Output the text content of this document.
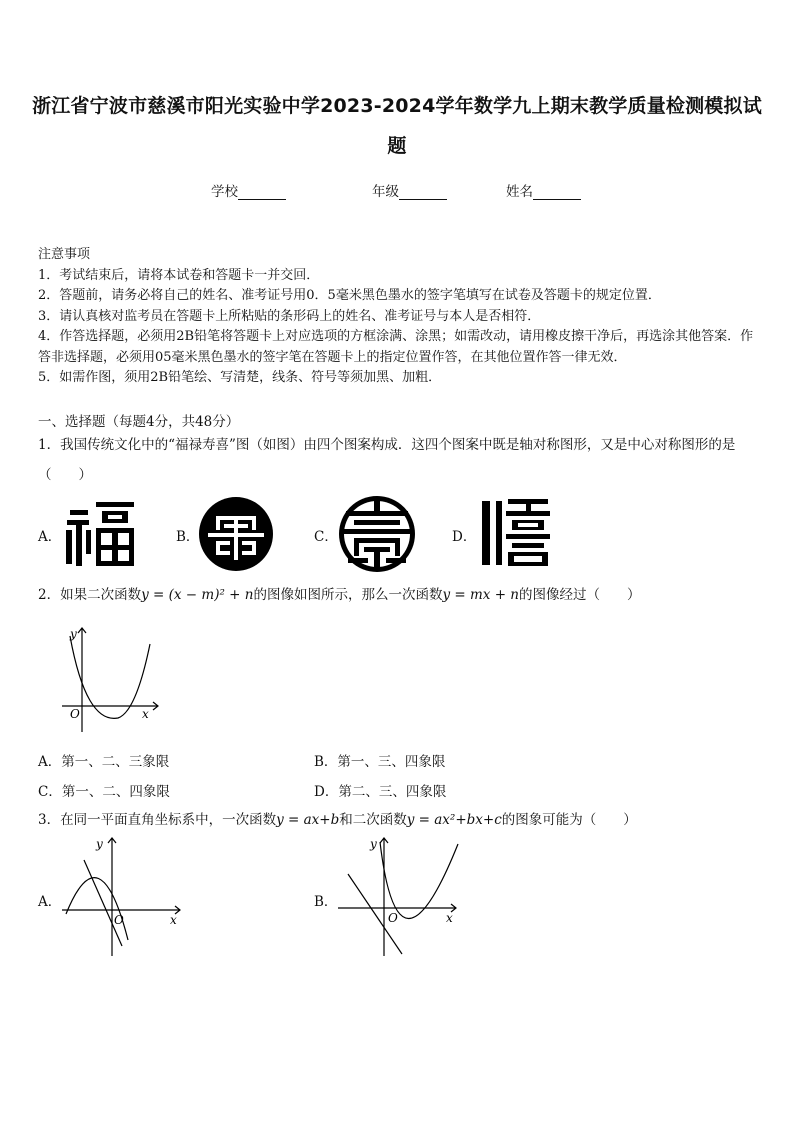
浙江省宁波市慈溪市阳光实验中学2023-2024学年数学九上期末教学质量检测模拟试题
学校	年级	姓名

注意事项

1．考试结束后，请将本试卷和答题卡一并交回．

2．答题前，请务必将自己的姓名、准考证号用0．5毫米黑色墨水的签字笔填写在试卷及答题卡的规定位置．

3．请认真核对监考员在答题卡上所粘贴的条形码上的姓名、准考证号与本人是否相符．

4．作答选择题，必须用2B铅笔将答题卡上对应选项的方框涂满、涂黑；如需改动，请用橡皮擦干净后，再选涂其他答案．作答非选择题，必须用05毫米黑色墨水的签字笔在答题卡上的指定位置作答，在其他位置作答一律无效．

5．如需作图，须用2B铅笔绘、写清楚，线条、符号等须加黑、加粗．

一、选择题（每题4分，共48分）

1．我国传统文化中的“福禄寿喜”图（如图）由四个图案构成．这四个图案中既是轴对称图形，又是中心对称图形的是（　　）

A．	B．	C．	D．

2．如果二次函数y = (x − m)² + n的图像如图所示，那么一次函数y = mx + n的图像经过（　　）

y
x
O
A．第一、二、三象限	B．第一、三、四象限
C．第一、二、四象限	D．第二、三、四象限

3．在同一平面直角坐标系中，一次函数y = ax+b和二次函数y = ax²+bx+c的图象可能为（　　）

A．	B．
y
x
O
y
x
O
